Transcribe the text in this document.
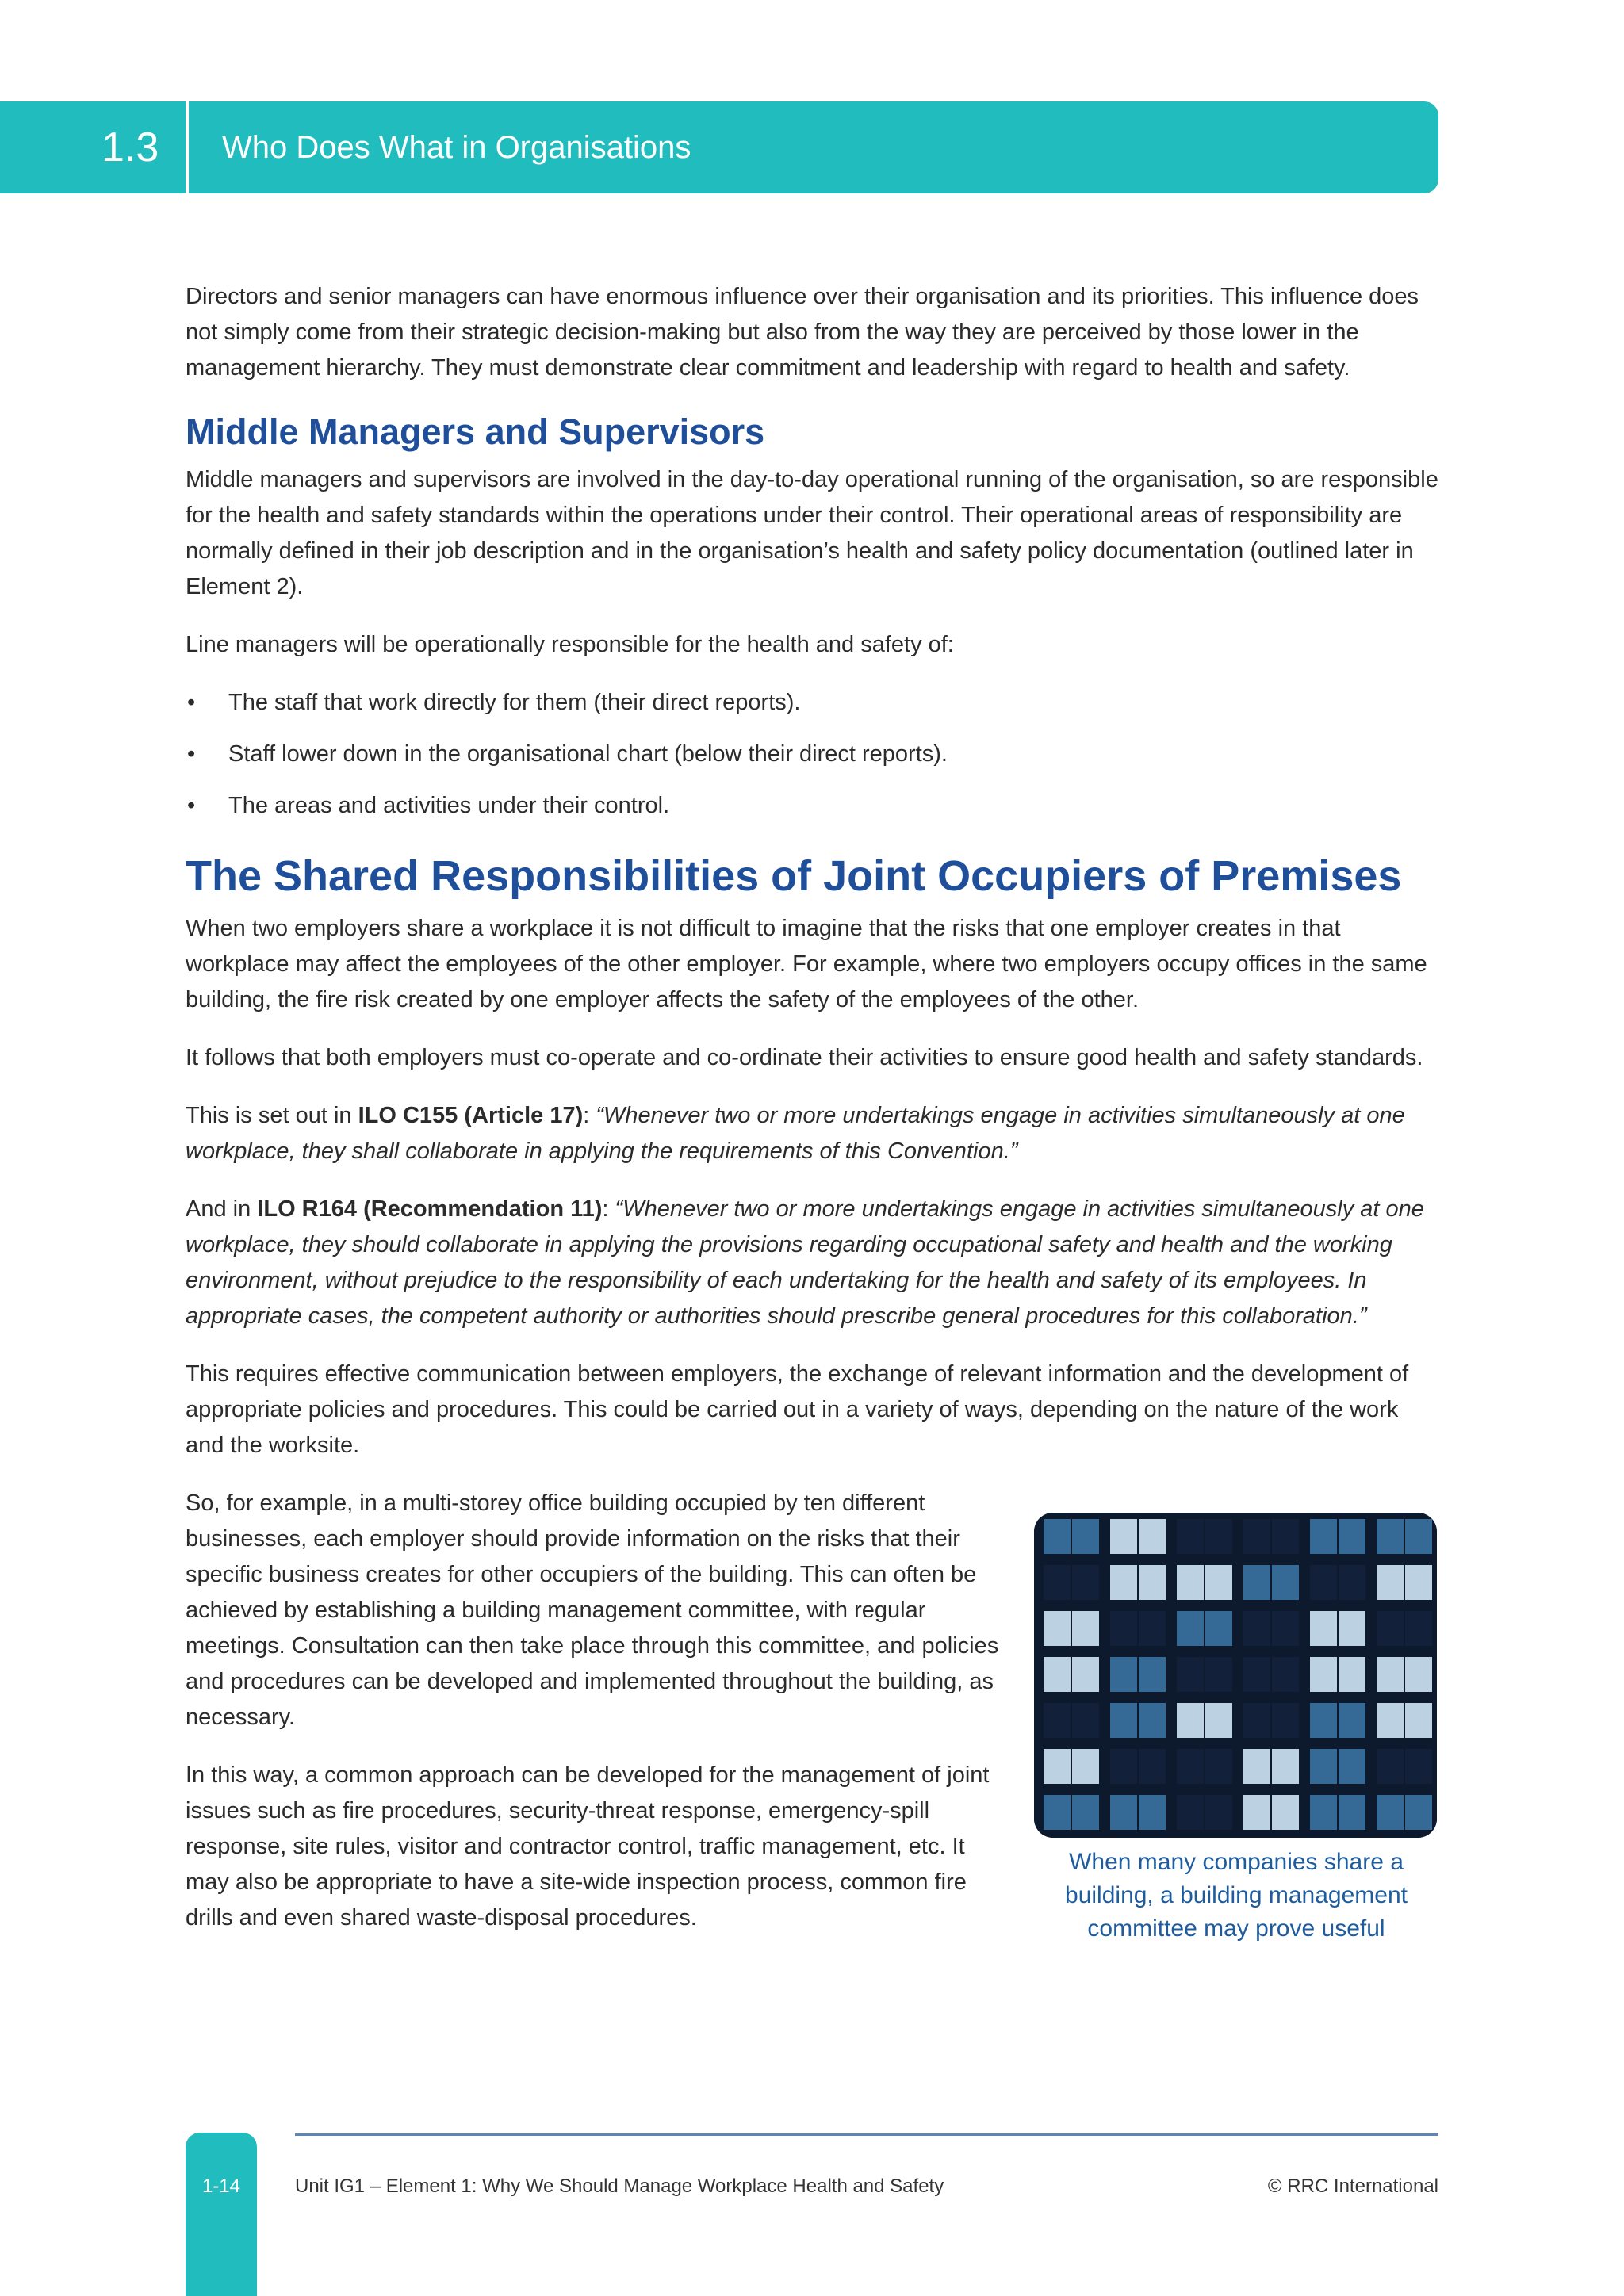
1.3 Who Does What in Organisations

Directors and senior managers can have enormous influence over their organisation and its priorities. This influence does not simply come from their strategic decision-making but also from the way they are perceived by those lower in the management hierarchy. They must demonstrate clear commitment and leadership with regard to health and safety.

Middle Managers and Supervisors

Middle managers and supervisors are involved in the day-to-day operational running of the organisation, so are responsible for the health and safety standards within the operations under their control. Their operational areas of responsibility are normally defined in their job description and in the organisation’s health and safety policy documentation (outlined later in Element 2).

Line managers will be operationally responsible for the health and safety of:

• The staff that work directly for them (their direct reports).
• Staff lower down in the organisational chart (below their direct reports).
• The areas and activities under their control.
The Shared Responsibilities of Joint Occupiers of Premises

When two employers share a workplace it is not difficult to imagine that the risks that one employer creates in that workplace may affect the employees of the other employer. For example, where two employers occupy offices in the same building, the fire risk created by one employer affects the safety of the employees of the other.

It follows that both employers must co-operate and co-ordinate their activities to ensure good health and safety standards.

This is set out in ILO C155 (Article 17): “Whenever two or more undertakings engage in activities simultaneously at one workplace, they shall collaborate in applying the requirements of this Convention.”

And in ILO R164 (Recommendation 11): “Whenever two or more undertakings engage in activities simultaneously at one workplace, they should collaborate in applying the provisions regarding occupational safety and health and the working environment, without prejudice to the responsibility of each undertaking for the health and safety of its employees. In appropriate cases, the competent authority or authorities should prescribe general procedures for this collaboration.”

This requires effective communication between employers, the exchange of relevant information and the development of appropriate policies and procedures. This could be carried out in a variety of ways, depending on the nature of the work and the worksite.

When many companies share a building, a building management committee may prove useful

So, for example, in a multi-storey office building occupied by ten different businesses, each employer should provide information on the risks that their specific business creates for other occupiers of the building. This can often be achieved by establishing a building management committee, with regular meetings. Consultation can then take place through this committee, and policies and procedures can be developed and implemented throughout the building, as necessary.

In this way, a common approach can be developed for the management of joint issues such as fire procedures, security-threat response, emergency-spill response, site rules, visitor and contractor control, traffic management, etc. It may also be appropriate to have a site-wide inspection process, common fire drills and even shared waste-disposal procedures.

1-14	Unit IG1 – Element 1: Why We Should Manage Workplace Health and Safety	© RRC International
